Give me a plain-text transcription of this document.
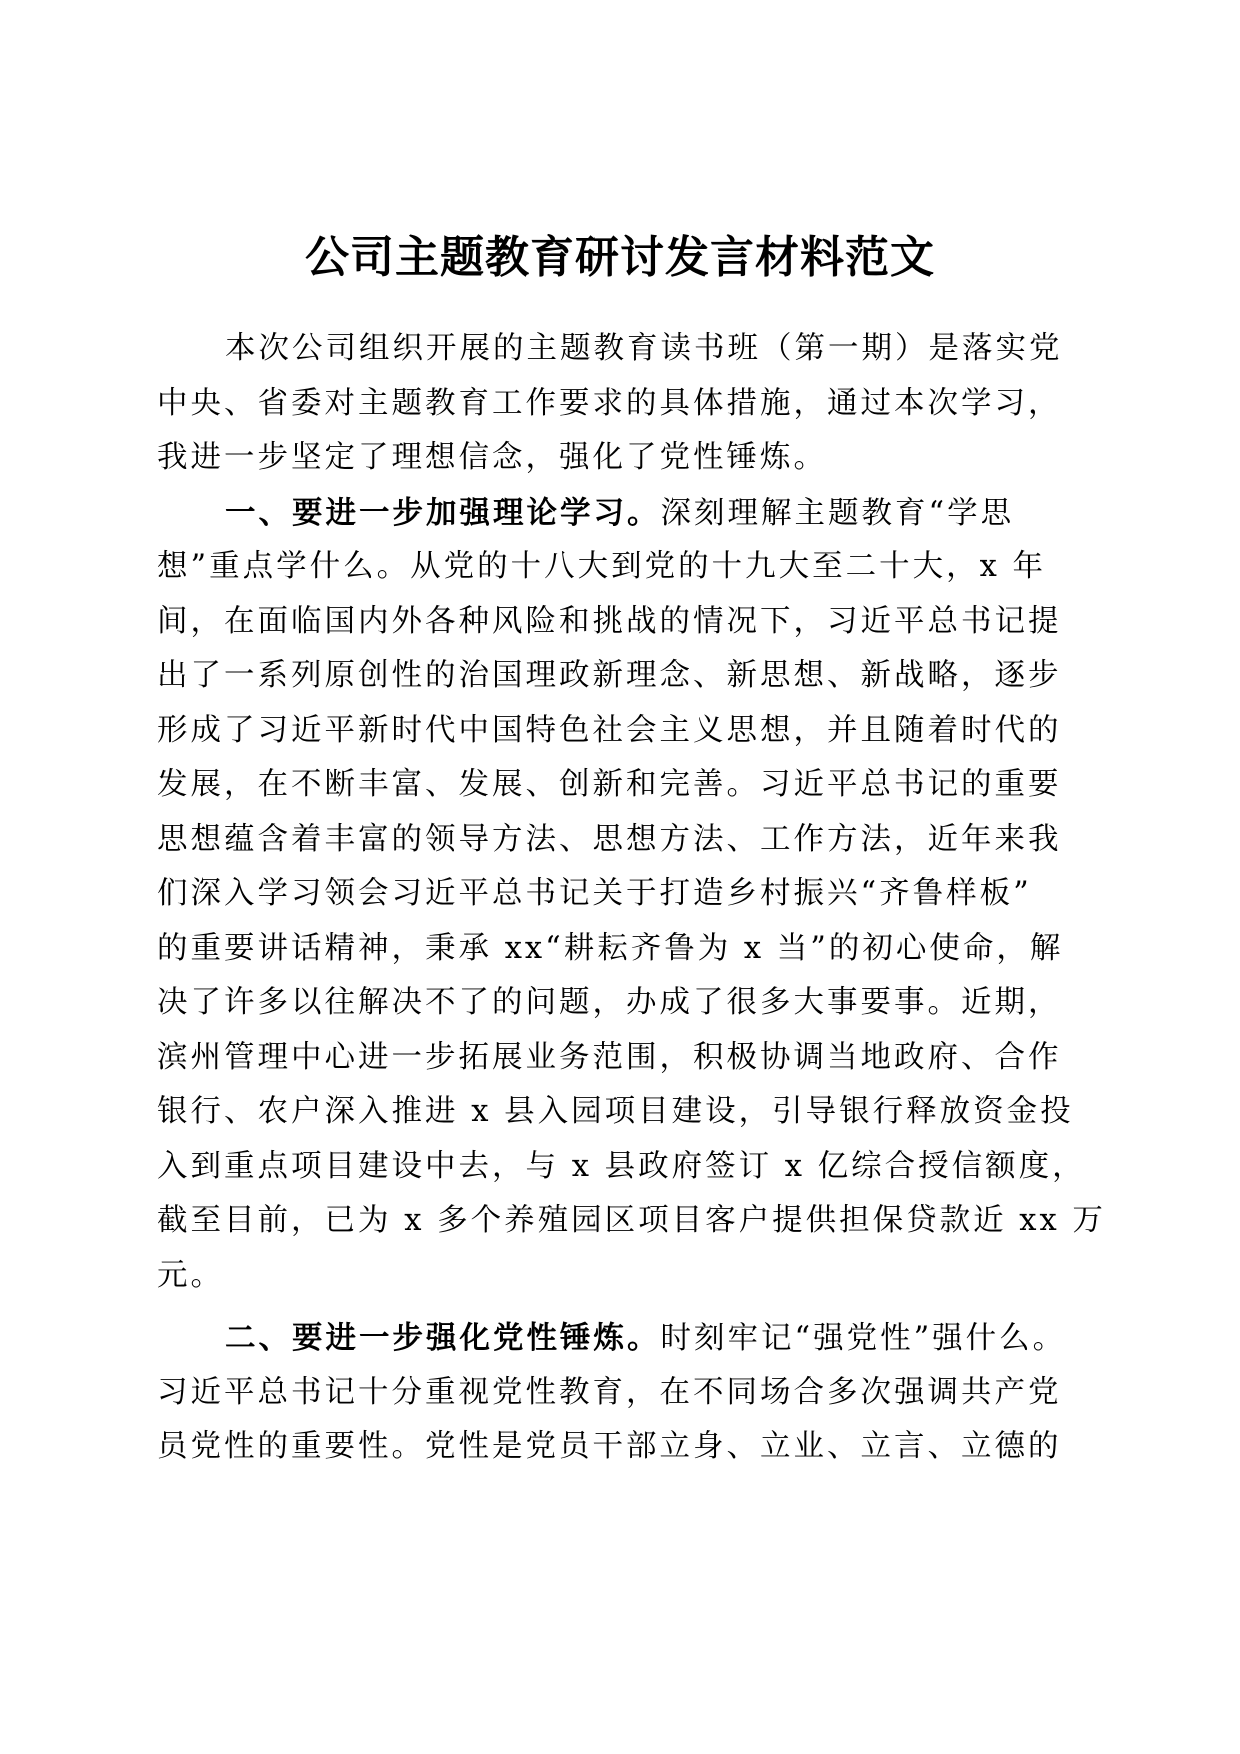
公司主题教育研讨发言材料范文
本次公司组织开展的主题教育读书班（第一期）是落实党
中央、省委对主题教育工作要求的具体措施，通过本次学习，
我进一步坚定了理想信念，强化了党性锤炼。
一、要进一步加强理论学习。深刻理解主题教育“学思
想”重点学什么。从党的十八大到党的十九大至二十大，x 年
间，在面临国内外各种风险和挑战的情况下，习近平总书记提
出了一系列原创性的治国理政新理念、新思想、新战略，逐步
形成了习近平新时代中国特色社会主义思想，并且随着时代的
发展，在不断丰富、发展、创新和完善。习近平总书记的重要
思想蕴含着丰富的领导方法、思想方法、工作方法，近年来我
们深入学习领会习近平总书记关于打造乡村振兴“齐鲁样板”
的重要讲话精神，秉承 xx“耕耘齐鲁为 x 当”的初心使命，解
决了许多以往解决不了的问题，办成了很多大事要事。近期，
滨州管理中心进一步拓展业务范围，积极协调当地政府、合作
银行、农户深入推进 x 县入园项目建设，引导银行释放资金投
入到重点项目建设中去，与 x 县政府签订 x 亿综合授信额度，
截至目前，已为 x 多个养殖园区项目客户提供担保贷款近 xx 万
元。
二、要进一步强化党性锤炼。时刻牢记“强党性”强什么。
习近平总书记十分重视党性教育，在不同场合多次强调共产党
员党性的重要性。党性是党员干部立身、立业、立言、立德的
